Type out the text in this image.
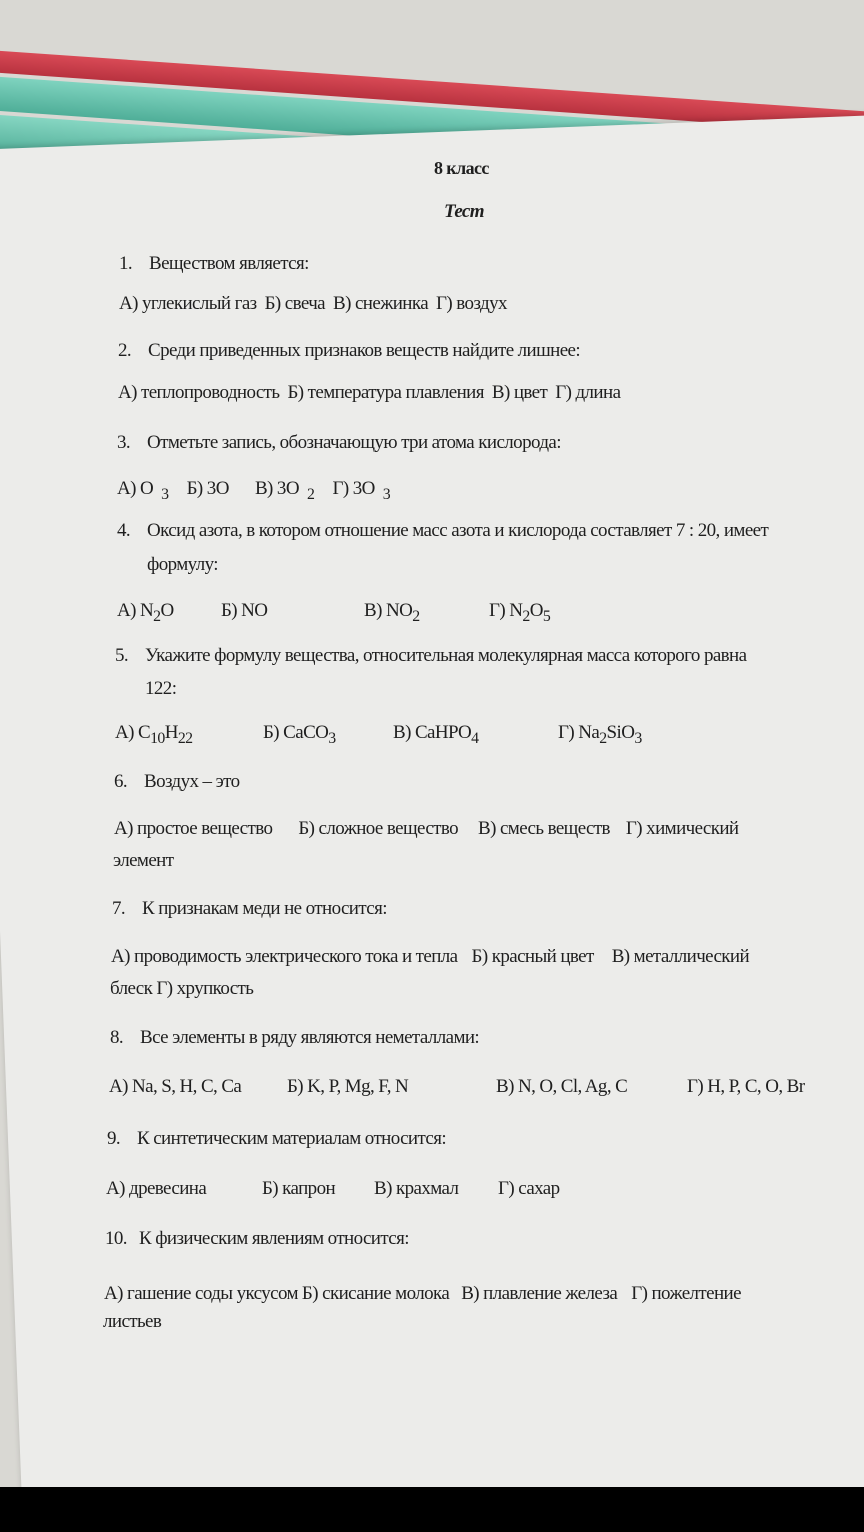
8 класс
Тест
1. Веществом является:
А) углекислый газ Б) свеча В) снежинка Г) воздух
2. Среди приведенных признаков веществ найдите лишнее:
А) теплопроводность Б) температура плавления В) цвет Г) длина
3. Отметьте запись, обозначающую три атома кислорода:
А) O $_3$ Б) 3O В) 3O $_2$ Г) 3O $_3$
4. Оксид азота, в котором отношение масс азота и кислорода составляет 7 : 20, имеет
формулу:
А) $N_2O$ Б) NO	В) $NO_2$	Г) $N_2O_5$
5. Укажите формулу вещества, относительная молекулярная масса которого равна
122:
А) $C_{10}H_{22}$	Б) CaCO$_3$	В) CaHPO$_4$	Г) $Na_2SiO_3$
6. Воздух – это
А) простое вещество Б) сложное вещество В) смесь веществ Г) химический
элемент
7. К признакам меди не относится:
А) проводимость электрического тока и тепла Б) красный цвет В) металлический
блеск Г) хрупкость
8. Все элементы в ряду являются неметаллами:
А) Na, S, H, C, Ca Б) K, P, Mg, F, N	В) N, O, Cl, Ag, C	Г) H, P, C, O, Br
9. К синтетическим материалам относится:
А) древесина	Б) капрон В) крахмал Г) сахар
10. К физическим явлениям относится:
А) гашение соды уксусом Б) скисание молока В) плавление железа Г) пожелтение
листьев
